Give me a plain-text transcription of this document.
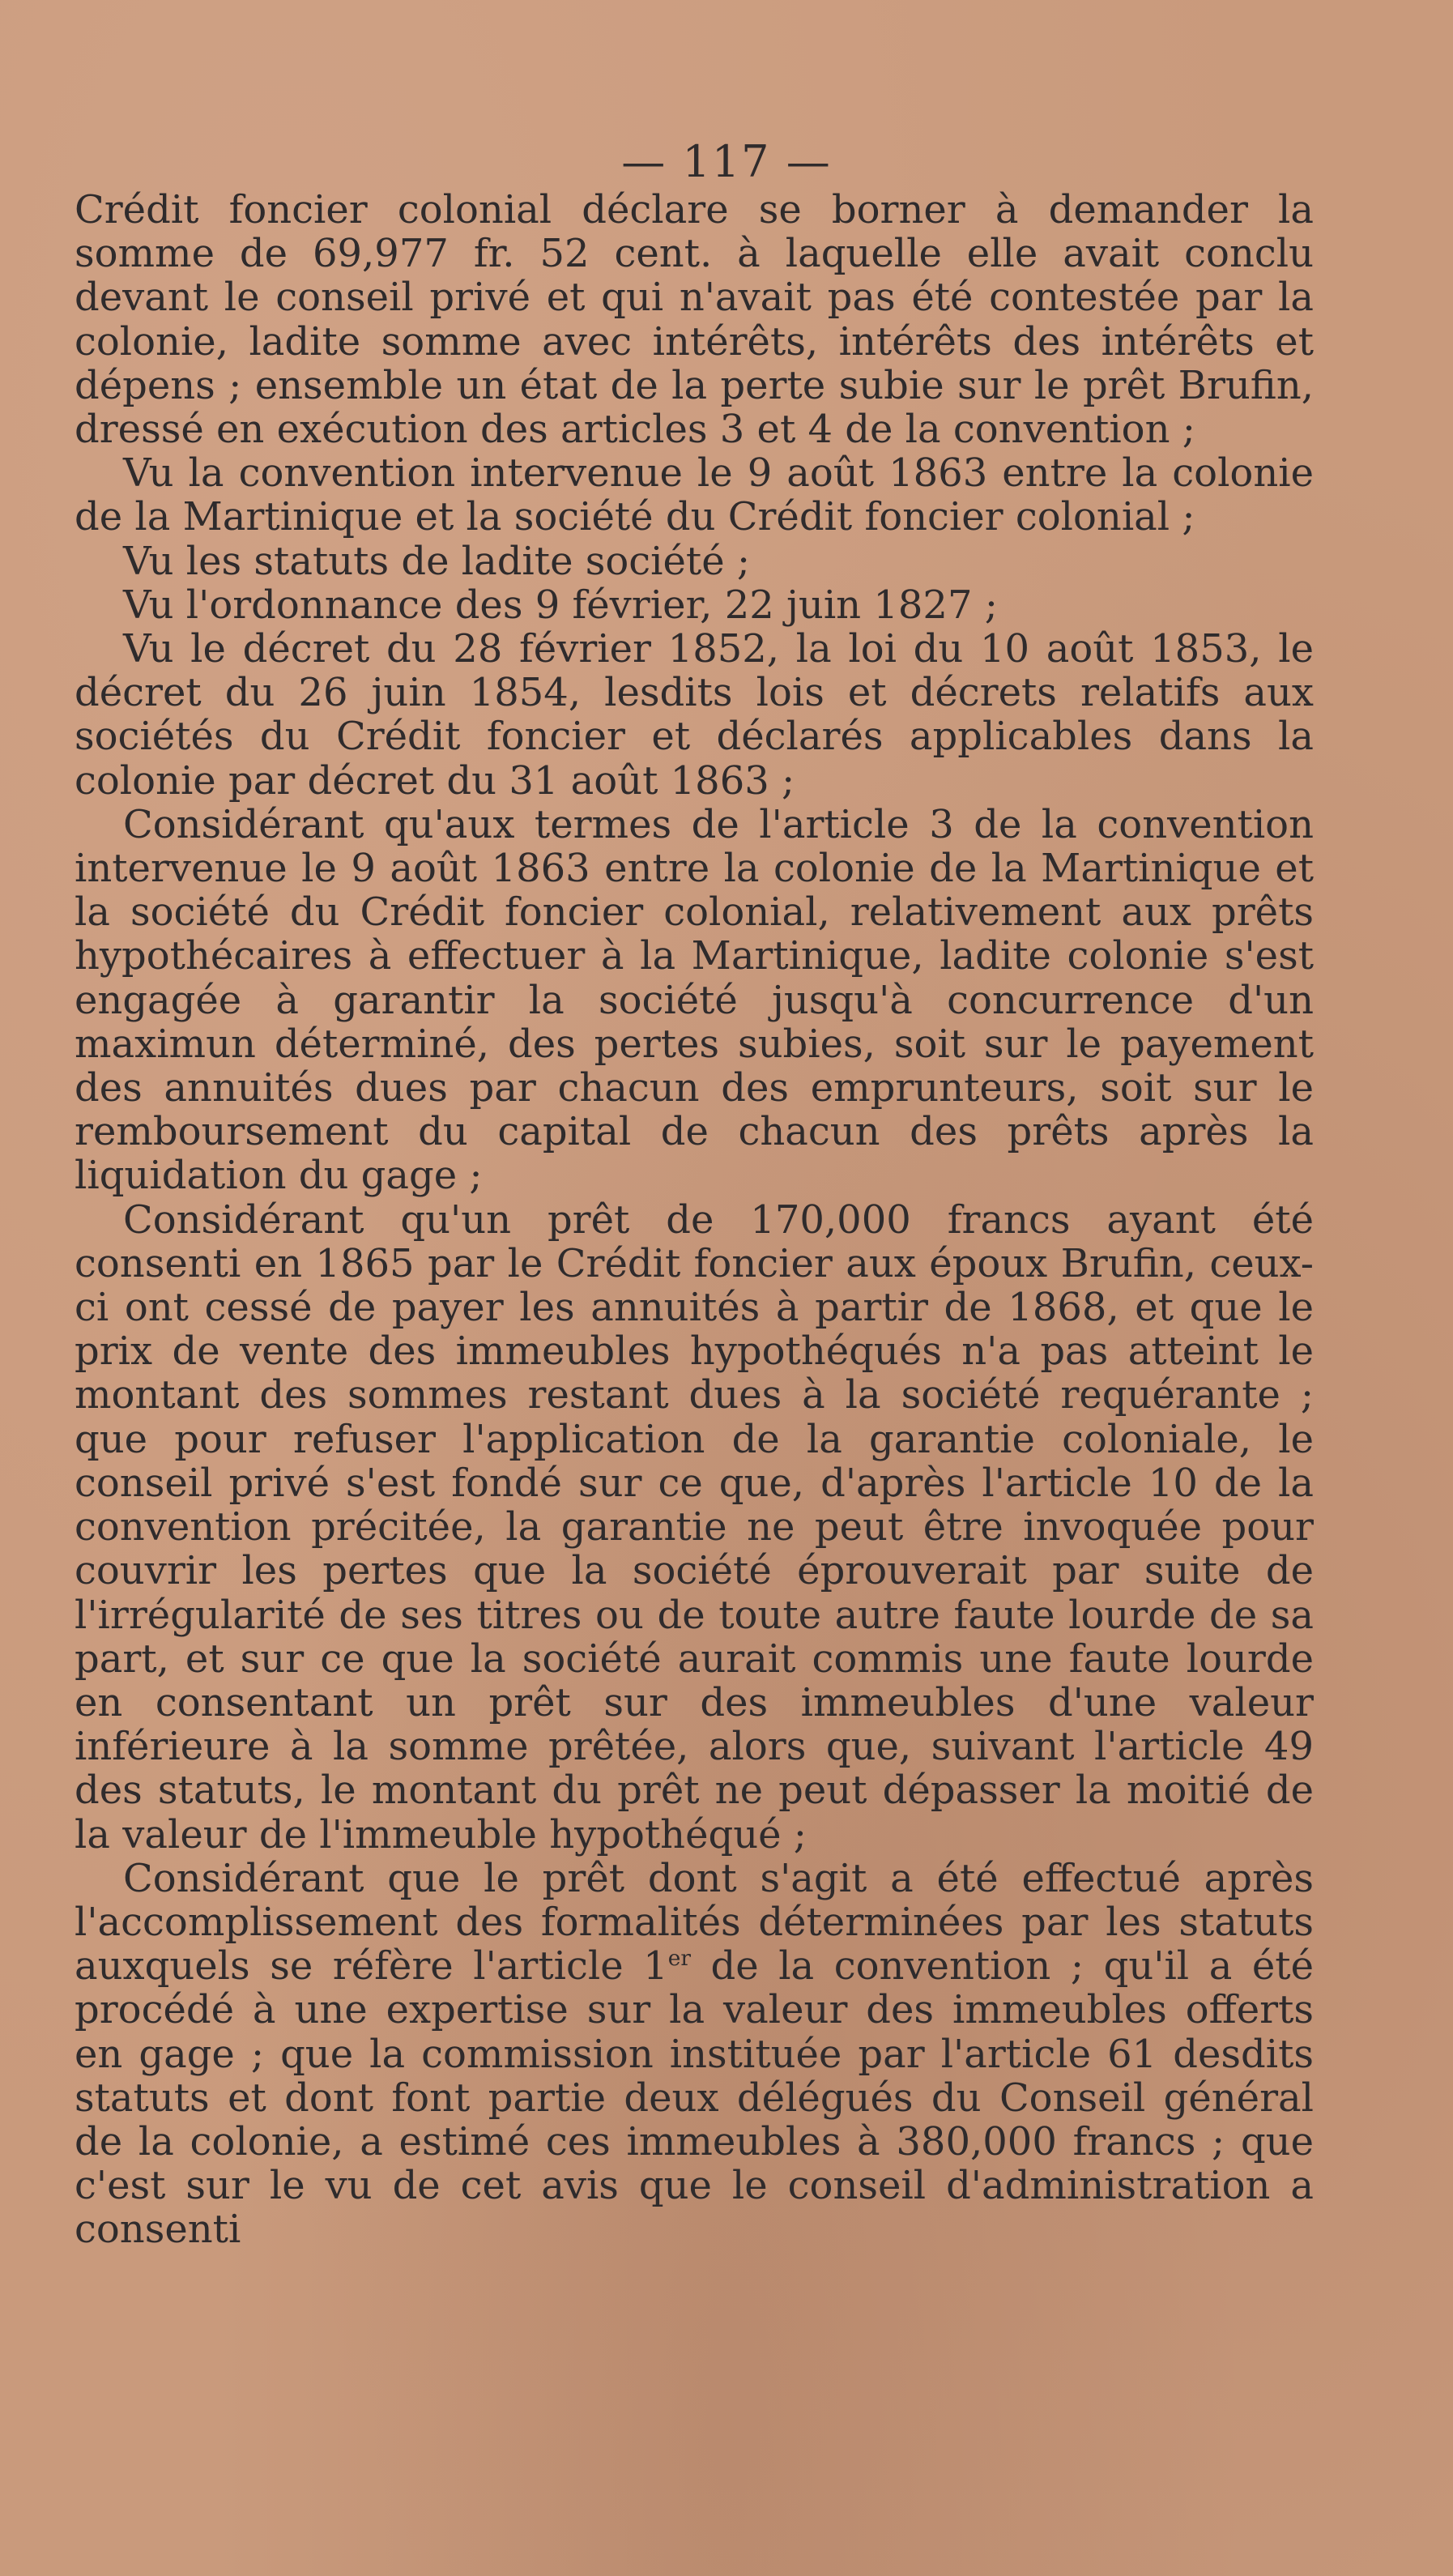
— 117 —

Crédit foncier colonial déclare se borner à demander la somme de 69,977 fr. 52 cent. à laquelle elle avait conclu devant le conseil privé et qui n'avait pas été contestée par la colonie, ladite somme avec intérêts, intérêts des intérêts et dépens ; ensemble un état de la perte subie sur le prêt Brufin, dressé en exécution des articles 3 et 4 de la convention ;

Vu la convention intervenue le 9 août 1863 entre la colonie de la Martinique et la société du Crédit foncier colonial ;

Vu les statuts de ladite société ;

Vu l'ordonnance des 9 février, 22 juin 1827 ;

Vu le décret du 28 février 1852, la loi du 10 août 1853, le décret du 26 juin 1854, lesdits lois et décrets relatifs aux sociétés du Crédit foncier et déclarés applicables dans la colonie par décret du 31 août 1863 ;

Considérant qu'aux termes de l'article 3 de la convention intervenue le 9 août 1863 entre la colonie de la Martinique et la société du Crédit foncier colonial, relativement aux prêts hypothécaires à effectuer à la Martinique, ladite colonie s'est engagée à garantir la société jusqu'à concurrence d'un maximun déterminé, des pertes subies, soit sur le payement des annuités dues par chacun des emprunteurs, soit sur le remboursement du capital de chacun des prêts après la liquidation du gage ;

Considérant qu'un prêt de 170,000 francs ayant été consenti en 1865 par le Crédit foncier aux époux Brufin, ceux-ci ont cessé de payer les annuités à partir de 1868, et que le prix de vente des immeubles hypothéqués n'a pas atteint le montant des sommes restant dues à la société requérante ; que pour refuser l'application de la garantie coloniale, le conseil privé s'est fondé sur ce que, d'après l'article 10 de la convention précitée, la garantie ne peut être invoquée pour couvrir les pertes que la société éprouverait par suite de l'irrégularité de ses titres ou de toute autre faute lourde de sa part, et sur ce que la société aurait commis une faute lourde en consentant un prêt sur des immeubles d'une valeur inférieure à la somme prêtée, alors que, suivant l'article 49 des statuts, le montant du prêt ne peut dépasser la moitié de la valeur de l'immeuble hypothéqué ;

Considérant que le prêt dont s'agit a été effectué après l'accomplissement des formalités déterminées par les statuts auxquels se réfère l'article 1er de la convention ; qu'il a été procédé à une expertise sur la valeur des immeubles offerts en gage ; que la commission instituée par l'article 61 desdits statuts et dont font partie deux délégués du Conseil général de la colonie, a estimé ces immeubles à 380,000 francs ; que c'est sur le vu de cet avis que le conseil d'administration a consenti
